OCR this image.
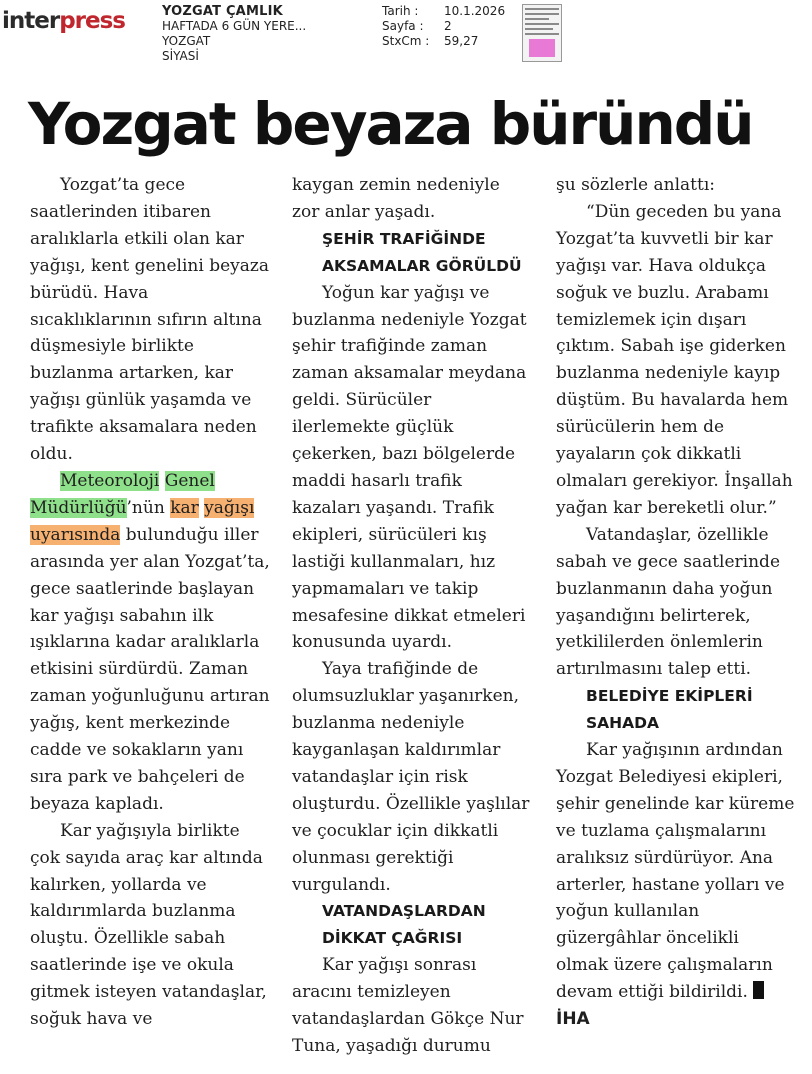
interpress	YOZGAT ÇAMLIK
HAFTADA 6 GÜN YERE...
YOZGAT
SİYASİ
Tarih :	10.1.2026
Sayfa :	2
StxCm :	59,27
Yozgat beyaza büründü

Yozgat’ta gece saatlerinden itibaren aralıklarla etkili olan kar yağışı, kent genelini beyaza bürüdü. Hava sıcaklıklarının sıfırın altına düşmesiyle birlikte buzlanma artarken, kar yağışı günlük yaşamda ve trafikte aksamalara neden oldu.

Meteoroloji Genel Müdürlüğü’nün kar yağışı uyarısında bulunduğu iller arasında yer alan Yozgat’ta, gece saatlerinde başlayan kar yağışı sabahın ilk ışıklarına kadar aralıklarla etkisini sürdürdü. Zaman zaman yoğunluğunu artıran yağış, kent merkezinde cadde ve sokakların yanı sıra park ve bahçeleri de beyaza kapladı.

Kar yağışıyla birlikte çok sayıda araç kar altında kalırken, yollarda ve kaldırımlarda buzlanma oluştu. Özellikle sabah saatlerinde işe ve okula gitmek isteyen vatandaşlar, soğuk hava ve

kaygan zemin nedeniyle zor anlar yaşadı.

ŞEHİR TRAFİĞİNDE AKSAMALAR GÖRÜLDÜ

Yoğun kar yağışı ve buzlanma nedeniyle Yozgat şehir trafiğinde zaman zaman aksamalar meydana geldi. Sürücüler ilerlemekte güçlük çekerken, bazı bölgelerde maddi hasarlı trafik kazaları yaşandı. Trafik ekipleri, sürücüleri kış lastiği kullanmaları, hız yapmamaları ve takip mesafesine dikkat etmeleri konusunda uyardı.

Yaya trafiğinde de olumsuzluklar yaşanırken, buzlanma nedeniyle kayganlaşan kaldırımlar vatandaşlar için risk oluşturdu. Özellikle yaşlılar ve çocuklar için dikkatli olunması gerektiği vurgulandı.

VATANDAŞLARDAN DİKKAT ÇAĞRISI

Kar yağışı sonrası aracını temizleyen vatandaşlardan Gökçe Nur Tuna, yaşadığı durumu

şu sözlerle anlattı:

“Dün geceden bu yana Yozgat’ta kuvvetli bir kar yağışı var. Hava oldukça soğuk ve buzlu. Arabamı temizlemek için dışarı çıktım. Sabah işe giderken buzlanma nedeniyle kayıp düştüm. Bu havalarda hem sürücülerin hem de yayaların çok dikkatli olmaları gerekiyor. İnşallah yağan kar bereketli olur.”

Vatandaşlar, özellikle sabah ve gece saatlerinde buzlanmanın daha yoğun yaşandığını belirterek, yetkililerden önlemlerin artırılmasını talep etti.

BELEDİYE EKİPLERİ SAHADA

Kar yağışının ardından Yozgat Belediyesi ekipleri, şehir genelinde kar küreme ve tuzlama çalışmalarını aralıksız sürdürüyor. Ana arterler, hastane yolları ve yoğun kullanılan güzergâhlar öncelikli olmak üzere çalışmaların devam ettiği bildirildi.  İHA
